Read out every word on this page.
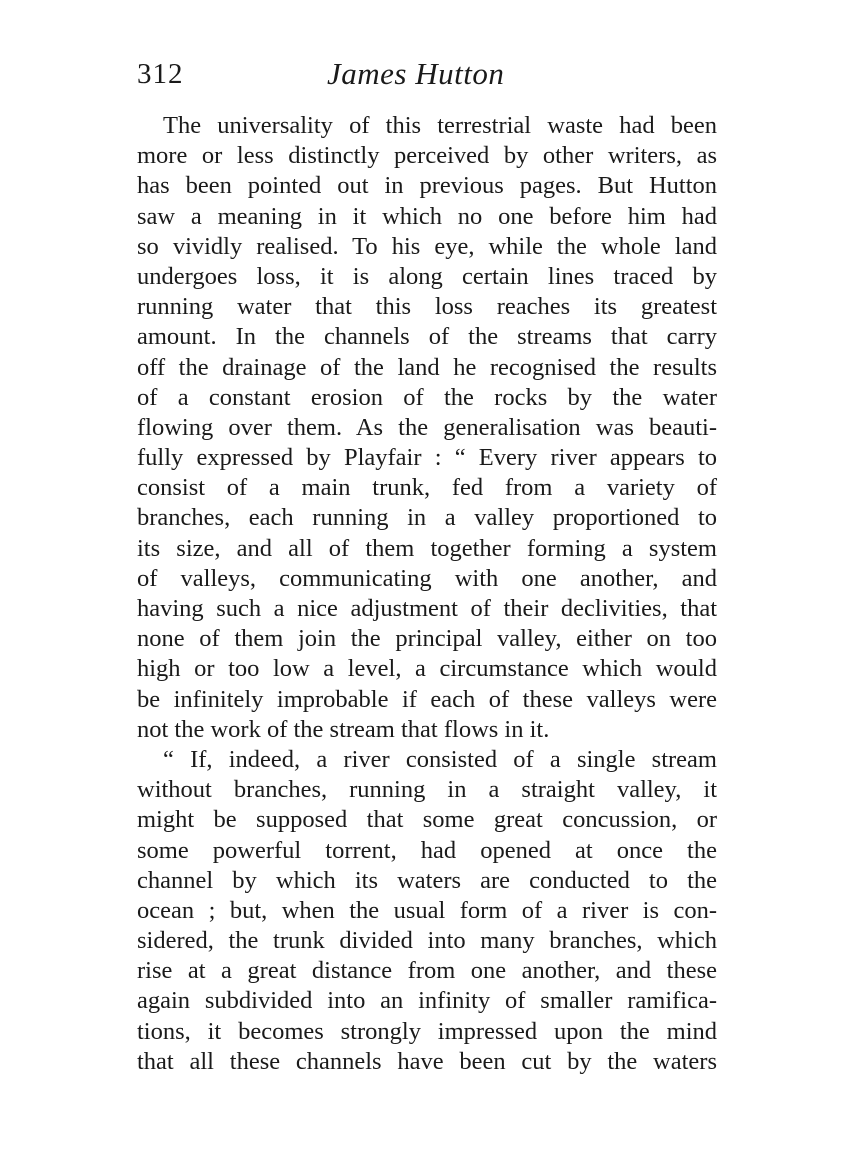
312	James Hutton
The universality of this terrestrial waste had been
more or less distinctly perceived by other writers, as
has been pointed out in previous pages. But Hutton
saw a meaning in it which no one before him had
so vividly realised. To his eye, while the whole land
undergoes loss, it is along certain lines traced by
running water that this loss reaches its greatest
amount. In the channels of the streams that carry
off the drainage of the land he recognised the results
of a constant erosion of the rocks by the water
flowing over them. As the generalisation was beauti-
fully expressed by Playfair : “ Every river appears to
consist of a main trunk, fed from a variety of
branches, each running in a valley proportioned to
its size, and all of them together forming a system
of valleys, communicating with one another, and
having such a nice adjustment of their declivities, that
none of them join the principal valley, either on too
high or too low a level, a circumstance which would
be infinitely improbable if each of these valleys were
not the work of the stream that flows in it.
“ If, indeed, a river consisted of a single stream
without branches, running in a straight valley, it
might be supposed that some great concussion, or
some powerful torrent, had opened at once the
channel by which its waters are conducted to the
ocean ; but, when the usual form of a river is con-
sidered, the trunk divided into many branches, which
rise at a great distance from one another, and these
again subdivided into an infinity of smaller ramifica-
tions, it becomes strongly impressed upon the mind
that all these channels have been cut by the waters
